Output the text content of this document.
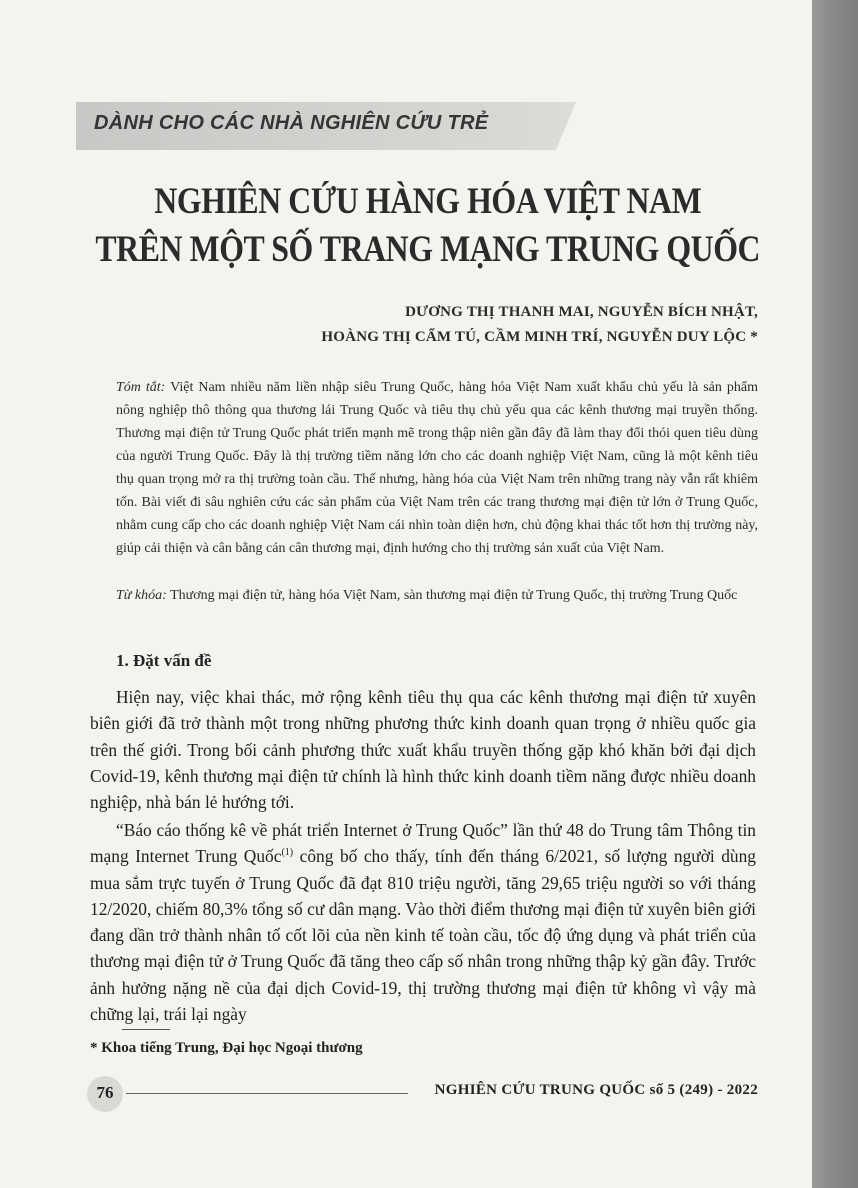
DÀNH CHO CÁC NHÀ NGHIÊN CỨU TRẺ
NGHIÊN CỨU HÀNG HÓA VIỆT NAM
TRÊN MỘT SỐ TRANG MẠNG TRUNG QUỐC
DƯƠNG THỊ THANH MAI, NGUYỄN BÍCH NHẬT,
HOÀNG THỊ CẨM TÚ, CẦM MINH TRÍ, NGUYỄN DUY LỘC *
Tóm tắt: Việt Nam nhiều năm liền nhập siêu Trung Quốc, hàng hóa Việt Nam xuất khẩu chủ yếu là sản phẩm nông nghiệp thô thông qua thương lái Trung Quốc và tiêu thụ chủ yếu qua các kênh thương mại truyền thống. Thương mại điện tử Trung Quốc phát triển mạnh mẽ trong thập niên gần đây đã làm thay đổi thói quen tiêu dùng của người Trung Quốc. Đây là thị trường tiềm năng lớn cho các doanh nghiệp Việt Nam, cũng là một kênh tiêu thụ quan trọng mở ra thị trường toàn cầu. Thế nhưng, hàng hóa của Việt Nam trên những trang này vẫn rất khiêm tốn. Bài viết đi sâu nghiên cứu các sản phẩm của Việt Nam trên các trang thương mại điện tử lớn ở Trung Quốc, nhằm cung cấp cho các doanh nghiệp Việt Nam cái nhìn toàn diện hơn, chủ động khai thác tốt hơn thị trường này, giúp cải thiện và cân bằng cán cân thương mại, định hướng cho thị trường sản xuất của Việt Nam.
Từ khóa: Thương mại điện tử, hàng hóa Việt Nam, sàn thương mại điện tử Trung Quốc, thị trường Trung Quốc
1. Đặt vấn đề
Hiện nay, việc khai thác, mở rộng kênh tiêu thụ qua các kênh thương mại điện tử xuyên biên giới đã trở thành một trong những phương thức kinh doanh quan trọng ở nhiều quốc gia trên thế giới. Trong bối cảnh phương thức xuất khẩu truyền thống gặp khó khăn bởi đại dịch Covid-19, kênh thương mại điện tử chính là hình thức kinh doanh tiềm năng được nhiều doanh nghiệp, nhà bán lẻ hướng tới.
“Báo cáo thống kê về phát triển Internet ở Trung Quốc” lần thứ 48 do Trung tâm Thông tin mạng Internet Trung Quốc$^{(1)}$ công bố cho thấy, tính đến tháng 6/2021, số lượng người dùng mua sắm trực tuyến ở Trung Quốc đã đạt 810 triệu người, tăng 29,65 triệu người so với tháng 12/2020, chiếm 80,3% tổng số cư dân mạng. Vào thời điểm thương mại điện tử xuyên biên giới đang dần trở thành nhân tố cốt lõi của nền kinh tế toàn cầu, tốc độ ứng dụng và phát triển của thương mại điện tử ở Trung Quốc đã tăng theo cấp số nhân trong những thập kỷ gần đây. Trước ảnh hưởng nặng nề của đại dịch Covid-19, thị trường thương mại điện tử không vì vậy mà chững lại, trái lại ngày
* Khoa tiếng Trung, Đại học Ngoại thương
76	NGHIÊN CỨU TRUNG QUỐC số 5 (249) - 2022
